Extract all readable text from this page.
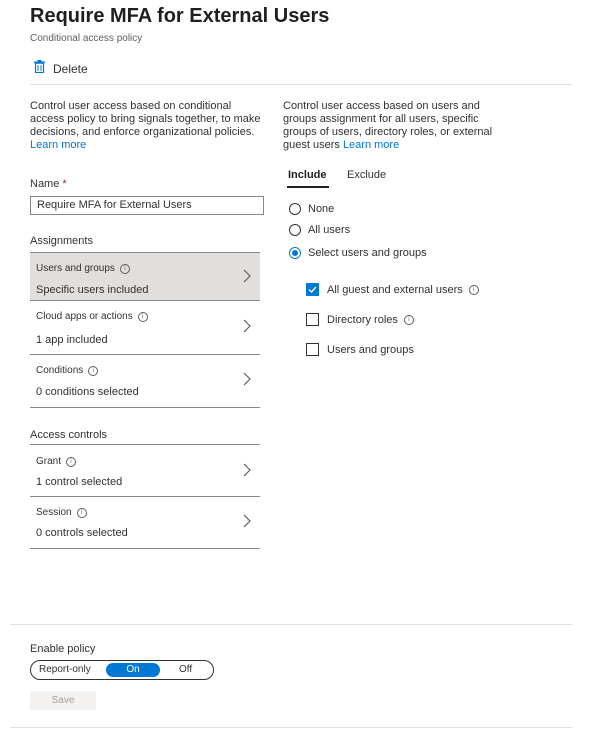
Require MFA for External Users
Conditional access policy
Delete
Control user access based on conditional access policy to bring signals together, to make decisions, and enforce organizational policies. Learn more
Name *
Require MFA for External Users
Assignments
Users and groups	i
Specific users included
Cloud apps or actions	i
1 app included
Conditions	i
0 conditions selected
Access controls
Grant	i
1 control selected
Session	i
0 controls selected
Control user access based on users and groups assignment for all users, specific groups of users, directory roles, or external guest users Learn more
Include Exclude
None
All users
Select users and groups
All guest and external users	i
Directory roles	i
Users and groups
Enable policy
Report-only	On	Off
Save
